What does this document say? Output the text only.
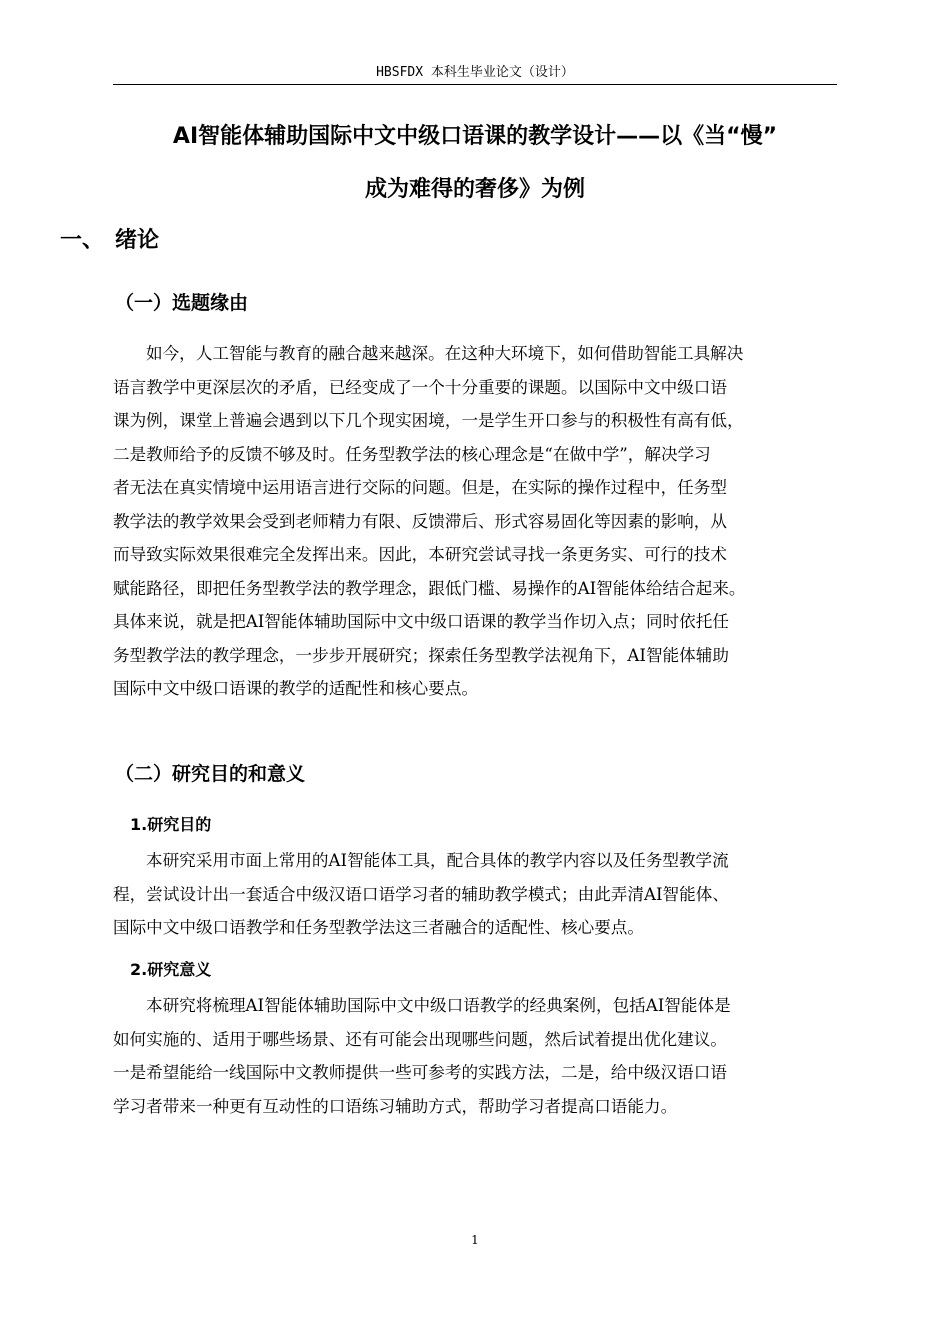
HBSFDX 本科生毕业论文（设计）
AI智能体辅助国际中文中级口语课的教学设计——以《当“慢”
成为难得的奢侈》为例
一、 绪论
（一）选题缘由
如今，人工智能与教育的融合越来越深。在这种大环境下，如何借助智能工具解决
语言教学中更深层次的矛盾，已经变成了一个十分重要的课题。以国际中文中级口语
课为例，课堂上普遍会遇到以下几个现实困境，一是学生开口参与的积极性有高有低，
二是教师给予的反馈不够及时。任务型教学法的核心理念是“在做中学”，解决学习
者无法在真实情境中运用语言进行交际的问题。但是，在实际的操作过程中，任务型
教学法的教学效果会受到老师精力有限、反馈滞后、形式容易固化等因素的影响，从
而导致实际效果很难完全发挥出来。因此，本研究尝试寻找一条更务实、可行的技术
赋能路径，即把任务型教学法的教学理念，跟低门槛、易操作的AI智能体给结合起来。
具体来说，就是把AI智能体辅助国际中文中级口语课的教学当作切入点；同时依托任
务型教学法的教学理念，一步步开展研究；探索任务型教学法视角下，AI智能体辅助
国际中文中级口语课的教学的适配性和核心要点。
（二）研究目的和意义
1.研究目的
本研究采用市面上常用的AI智能体工具，配合具体的教学内容以及任务型教学流
程，尝试设计出一套适合中级汉语口语学习者的辅助教学模式；由此弄清AI智能体、
国际中文中级口语教学和任务型教学法这三者融合的适配性、核心要点。
2.研究意义
本研究将梳理AI智能体辅助国际中文中级口语教学的经典案例，包括AI智能体是
如何实施的、适用于哪些场景、还有可能会出现哪些问题，然后试着提出优化建议。
一是希望能给一线国际中文教师提供一些可参考的实践方法，二是，给中级汉语口语
学习者带来一种更有互动性的口语练习辅助方式，帮助学习者提高口语能力。
1
